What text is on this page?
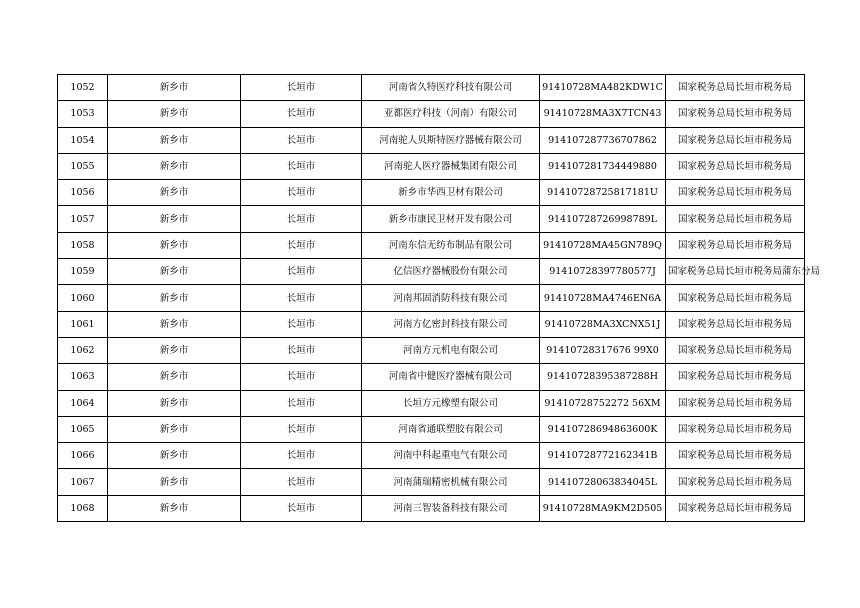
1052	新乡市	长垣市	河南省久特医疗科技有限公司	91410728MA482KDW1C	国家税务总局长垣市税务局
1053	新乡市	长垣市	亚都医疗科技（河南）有限公司	91410728MA3X7TCN43	国家税务总局长垣市税务局
1054	新乡市	长垣市	河南驼人贝斯特医疗器械有限公司	914107287736707862	国家税务总局长垣市税务局
1055	新乡市	长垣市	河南驼人医疗器械集团有限公司	914107281734449880	国家税务总局长垣市税务局
1056	新乡市	长垣市	新乡市华西卫材有限公司	91410728725817181U	国家税务总局长垣市税务局
1057	新乡市	长垣市	新乡市康民卫材开发有限公司	91410728726998789L	国家税务总局长垣市税务局
1058	新乡市	长垣市	河南东信无纺布制品有限公司	91410728MA45GN789Q	国家税务总局长垣市税务局
1059	新乡市	长垣市	亿信医疗器械股份有限公司	91410728397780577J	国家税务总局长垣市税务局蒲东分局
1060	新乡市	长垣市	河南邦固消防科技有限公司	91410728MA4746EN6A	国家税务总局长垣市税务局
1061	新乡市	长垣市	河南方亿密封科技有限公司	91410728MA3XCNX51J	国家税务总局长垣市税务局
1062	新乡市	长垣市	河南方元机电有限公司	91410728317676 99X0	国家税务总局长垣市税务局
1063	新乡市	长垣市	河南省中健医疗器械有限公司	91410728395387288H	国家税务总局长垣市税务局
1064	新乡市	长垣市	长垣方元橡塑有限公司	91410728752272 56XM	国家税务总局长垣市税务局
1065	新乡市	长垣市	河南省通联塑胶有限公司	91410728694863600K	国家税务总局长垣市税务局
1066	新乡市	长垣市	河南中科起重电气有限公司	91410728772162341B	国家税务总局长垣市税务局
1067	新乡市	长垣市	河南蒲瑞精密机械有限公司	91410728063834045L	国家税务总局长垣市税务局
1068	新乡市	长垣市	河南三智装备科技有限公司	91410728MA9KM2D505	国家税务总局长垣市税务局
